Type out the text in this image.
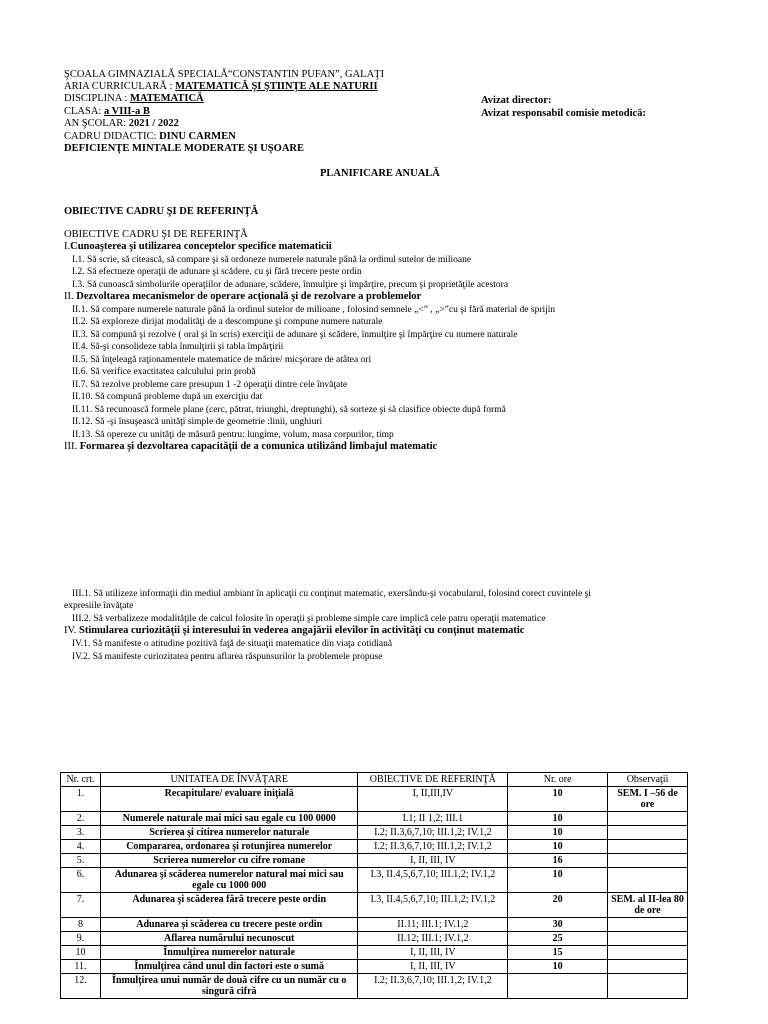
ŞCOALA GIMNAZIALĂ SPECIALĂ“CONSTANTIN PUFAN”, GALAŢI
ARIA CURRICULARĂ : MATEMATICĂ ŞI ŞTIINŢE ALE NATURII
DISCIPLINA : MATEMATICĂ
CLASA: a VIII-a B
AN ŞCOLAR: 2021 / 2022
CADRU DIDACTIC: DINU CARMEN
DEFICIENŢE MINTALE MODERATE ŞI UŞOARE
Avizat director:
Avizat responsabil comisie metodică:
PLANIFICARE ANUALĂ
OBIECTIVE CADRU ŞI DE REFERINŢĂ
OBIECTIVE CADRU ŞI DE REFERINŢĂ
I.Cunoaşterea şi utilizarea conceptelor specifice matematicii
I.1. Să scrie, să citească, să compare şi să ordoneze numerele naturale până la ordinul sutelor de milioane
I.2. Să efectueze operaţii de adunare şi scădere, cu şi fără trecere peste ordin
I.3. Să cunoască simbolurile operaţiilor de adunare, scădere, înmulţire şi împărţire, precum şi proprietăţile acestora
II. Dezvoltarea mecanismelor de operare acţională şi de rezolvare a problemelor
II.1. Să compare numerele naturale până la ordinul sutelor de milioane , folosind semnele „<” , „>”cu şi fără material de sprijin
II.2. Să exploreze dirijat modalităţi de a descompune şi compune numere naturale
II.3. Să compună şi rezolve ( oral şi în scris) exerciţii de adunare şi scădere, înmulţire şi împărţire cu numere naturale
II.4. Să-şi consolideze tabla înmulţirii şi tabla împărţirii
II.5. Să înţeleagă raţionamentele matematice de mărire/ micşorare de atâtea ori
II.6. Să verifice exactitatea calculului prin probă
II.7. Să rezolve probleme care presupun 1 -2 operaţii dintre cele învăţate
II.10. Să compună probleme după un exerciţiu dat
II.11. Să recunoască formele plane (cerc, pătrat, triunghi, dreptunghi), să sorteze şi să clasifice obiecte după formă
II.12. Să -şi însuşească unităţi simple de geometrie :linii, unghiuri
II.13. Să opereze cu unităţi de măsură pentru: lungime, volum, masa corpurilor, timp
III. Formarea şi dezvoltarea capacităţii de a comunica utilizând limbajul matematic
III.1. Să utilizeze informaţii din mediul ambiant în aplicaţii cu conţinut matematic, exersându-şi vocabularul, folosind corect cuvintele şi
expresiile învăţate
III.2. Să verbalizeze modalităţile de calcul folosite în operaţii şi probleme simple care implică cele patru operaţii matematice
IV. Stimularea curiozităţii şi interesului în vederea angajării elevilor în activităţi cu conţinut matematic
IV.1. Să manifeste o atitudine pozitivă faţă de situaţii matematice din viaţa cotidiană
IV.2. Să manifeste curiozitatea pentru aflarea răspunsurilor la problemele propuse
Nr. crt.	UNITATEA DE ÎNVĂŢARE	OBIECTIVE DE REFERINŢĂ	Nr. ore	Observaţii
1.	Recapitulare/ evaluare iniţială	I, II,III,IV	10	SEM. I –56 de ore
2.	Numerele naturale mai mici sau egale cu 100 0000	I.1; II 1,2; III.1	10	
3.	Scrierea şi citirea numerelor naturale	I.2; II.3,6,7,10; III.1,2; IV.1,2	10	
4.	Compararea, ordonarea şi rotunjirea numerelor	I.2; II.3,6,7,10; III.1,2; IV.1,2	10	
5.	Scrierea numerelor cu cifre romane	I, II, III, IV	16	
6.	Adunarea şi scăderea numerelor natural mai mici sau egale cu 1000 000	I.3, II.4,5,6,7,10; III.1,2; IV.1,2	10	
7.	Adunarea şi scăderea fără trecere peste ordin	I.3, II.4,5,6,7,10; III.1,2; IV.1,2	20	SEM. al II-lea 80 de ore
8	Adunarea şi scăderea cu trecere peste ordin	II.11; III.1; IV.1,2	30	
9.	Aflarea numărului necunoscut	II.12; III.1; IV.1,2	25	
10	Înmulţirea numerelor naturale	I, II, III, IV	15	
11.	Înmulţirea când unul din factori este o sumă	I, II, III, IV	10	
12.	Înmulţirea unui număr de două cifre cu un număr cu o singură cifră	I.2; II.3,6,7,10; III.1,2; IV.1,2		
